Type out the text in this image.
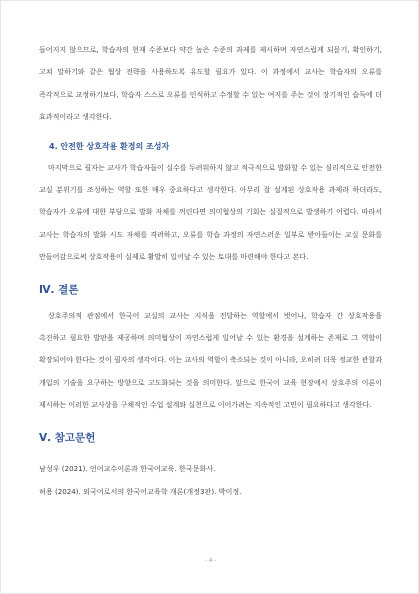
들어지지 않으므로, 학습자의 현재 수준보다 약간 높은 수준의 과제를 제시하며 자연스럽게 되묻기, 확인하기, 고쳐 말하기와 같은 협상 전략을 사용하도록 유도할 필요가 있다. 이 과정에서 교사는 학습자의 오류를 즉각적으로 교정하기보다, 학습자 스스로 오류를 인식하고 수정할 수 있는 여지를 주는 것이 장기적인 습득에 더 효과적이라고 생각한다.

4. 안전한 상호작용 환경의 조성자

마지막으로 필자는 교사가 학습자들이 실수를 두려워하지 않고 적극적으로 발화할 수 있는 심리적으로 안전한 교실 분위기를 조성하는 역할 또한 매우 중요하다고 생각한다. 아무리 잘 설계된 상호작용 과제라 하더라도, 학습자가 오류에 대한 부담으로 발화 자체를 꺼린다면 의미협상의 기회는 실질적으로 발생하기 어렵다. 따라서 교사는 학습자의 발화 시도 자체를 격려하고, 오류를 학습 과정의 자연스러운 일부로 받아들이는 교실 문화를 만들어감으로써 상호작용이 실제로 활발히 일어날 수 있는 토대를 마련해야 한다고 본다.

Ⅳ. 결론

상호주의적 관점에서 한국어 교실의 교사는 지식을 전달하는 역할에서 벗어나, 학습자 간 상호작용을 촉진하고 필요한 발판을 제공하며 의미협상이 자연스럽게 일어날 수 있는 환경을 설계하는 존재로 그 역할이 확장되어야 한다는 것이 필자의 생각이다. 이는 교사의 역할이 축소되는 것이 아니라, 오히려 더욱 정교한 관찰과 개입의 기술을 요구하는 방향으로 고도화되는 것을 의미한다. 앞으로 한국어 교육 현장에서 상호주의 이론이 제시하는 이러한 교사상을 구체적인 수업 설계와 실천으로 이어가려는 지속적인 고민이 필요하다고 생각한다.

Ⅴ. 참고문헌

남성우 (2021). 언어교수이론과 한국어교육. 한국문화사.

허용 (2024). 외국어로서의 한국어교육학 개론(개정3판). 박이정.

- 4 -
